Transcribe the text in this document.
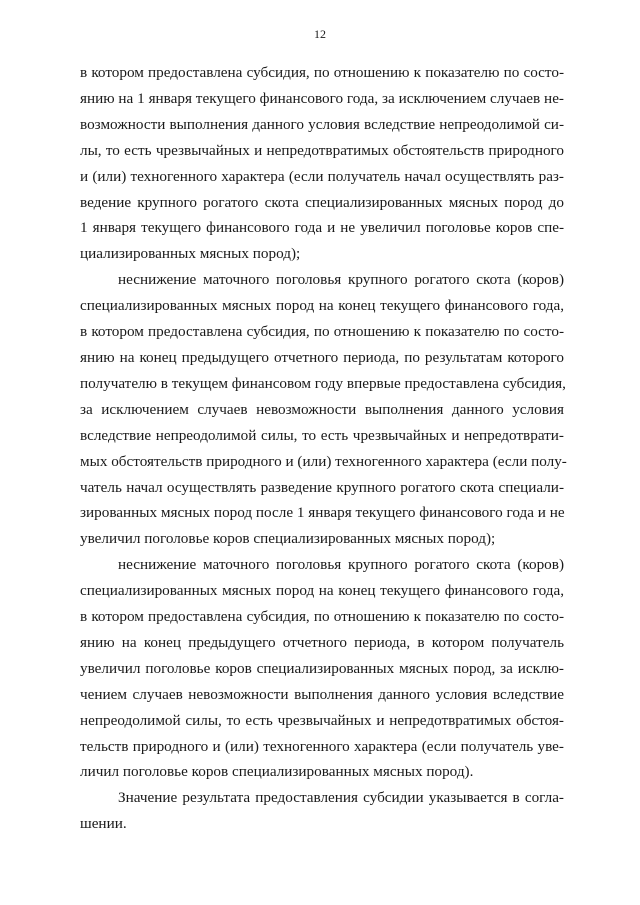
12
в котором предоставлена субсидия, по отношению к показателю по состо-
янию на 1 января текущего финансового года, за исключением случаев не-
возможности выполнения данного условия вследствие непреодолимой си-
лы, то есть чрезвычайных и непредотвратимых обстоятельств природного
и (или) техногенного характера (если получатель начал осуществлять раз-
ведение крупного рогатого скота специализированных мясных пород до
1 января текущего финансового года и не увеличил поголовье коров спе-
циализированных мясных пород);
неснижение маточного поголовья крупного рогатого скота (коров)
специализированных мясных пород на конец текущего финансового года,
в котором предоставлена субсидия, по отношению к показателю по состо-
янию на конец предыдущего отчетного периода, по результатам которого
получателю в текущем финансовом году впервые предоставлена субсидия,
за исключением случаев невозможности выполнения данного условия
вследствие непреодолимой силы, то есть чрезвычайных и непредотврати-
мых обстоятельств природного и (или) техногенного характера (если полу-
чатель начал осуществлять разведение крупного рогатого скота специали-
зированных мясных пород после 1 января текущего финансового года и не
увеличил поголовье коров специализированных мясных пород);
неснижение маточного поголовья крупного рогатого скота (коров)
специализированных мясных пород на конец текущего финансового года,
в котором предоставлена субсидия, по отношению к показателю по состо-
янию на конец предыдущего отчетного периода, в котором получатель
увеличил поголовье коров специализированных мясных пород, за исклю-
чением случаев невозможности выполнения данного условия вследствие
непреодолимой силы, то есть чрезвычайных и непредотвратимых обстоя-
тельств природного и (или) техногенного характера (если получатель уве-
личил поголовье коров специализированных мясных пород).
Значение результата предоставления субсидии указывается в согла-
шении.
